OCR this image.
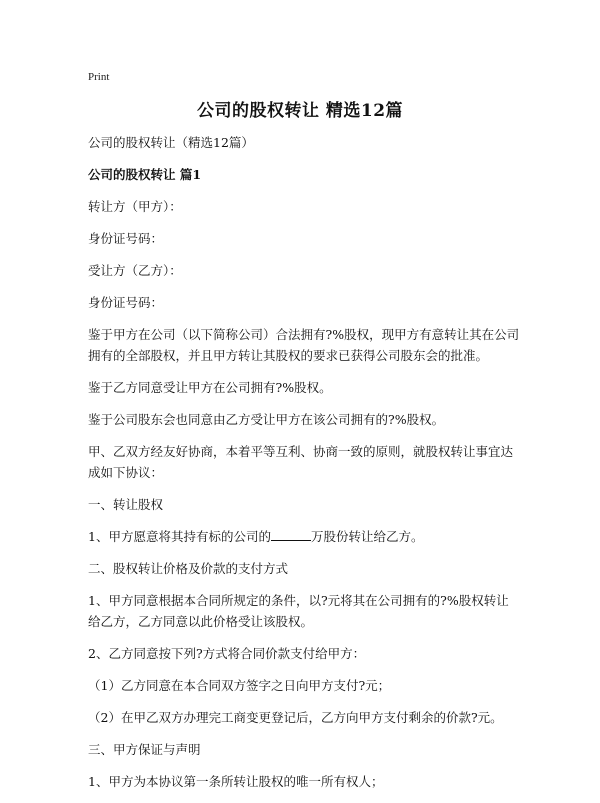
Print
公司的股权转让 精选12篇

公司的股权转让（精选12篇）

公司的股权转让 篇1

转让方（甲方）：

身份证号码：

受让方（乙方）：

身份证号码：

鉴于甲方在公司（以下简称公司）合法拥有?%股权，现甲方有意转让其在公司拥有的全部股权，并且甲方转让其股权的要求已获得公司股东会的批准。

鉴于乙方同意受让甲方在公司拥有?%股权。

鉴于公司股东会也同意由乙方受让甲方在该公司拥有的?%股权。

甲、乙双方经友好协商，本着平等互利、协商一致的原则，就股权转让事宜达成如下协议：

一、转让股权

1、甲方愿意将其持有标的公司的	万股份转让给乙方。

二、股权转让价格及价款的支付方式

1、甲方同意根据本合同所规定的条件，以?元将其在公司拥有的?%股权转让给乙方，乙方同意以此价格受让该股权。

2、乙方同意按下列?方式将合同价款支付给甲方：

（1）乙方同意在本合同双方签字之日向甲方支付?元；

（2）在甲乙双方办理完工商变更登记后，乙方向甲方支付剩余的价款?元。

三、甲方保证与声明

1、甲方为本协议第一条所转让股权的唯一所有权人；
